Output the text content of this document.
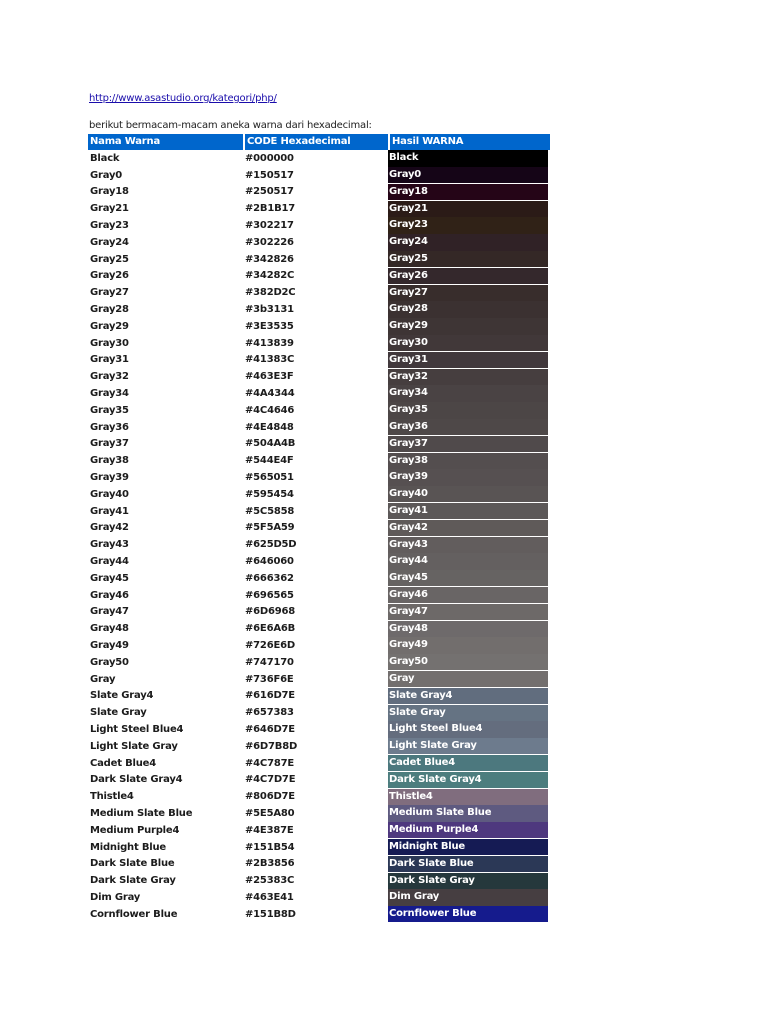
http://www.asastudio.org/kategori/php/
berikut bermacam-macam aneka warna dari hexadecimal:
Nama Warna	CODE Hexadecimal	Hasil WARNA
Black	#000000	Black
Gray0	#150517	Gray0
Gray18	#250517	Gray18
Gray21	#2B1B17	Gray21
Gray23	#302217	Gray23
Gray24	#302226	Gray24
Gray25	#342826	Gray25
Gray26	#34282C	Gray26
Gray27	#382D2C	Gray27
Gray28	#3b3131	Gray28
Gray29	#3E3535	Gray29
Gray30	#413839	Gray30
Gray31	#41383C	Gray31
Gray32	#463E3F	Gray32
Gray34	#4A4344	Gray34
Gray35	#4C4646	Gray35
Gray36	#4E4848	Gray36
Gray37	#504A4B	Gray37
Gray38	#544E4F	Gray38
Gray39	#565051	Gray39
Gray40	#595454	Gray40
Gray41	#5C5858	Gray41
Gray42	#5F5A59	Gray42
Gray43	#625D5D	Gray43
Gray44	#646060	Gray44
Gray45	#666362	Gray45
Gray46	#696565	Gray46
Gray47	#6D6968	Gray47
Gray48	#6E6A6B	Gray48
Gray49	#726E6D	Gray49
Gray50	#747170	Gray50
Gray	#736F6E	Gray
Slate Gray4	#616D7E	Slate Gray4
Slate Gray	#657383	Slate Gray
Light Steel Blue4	#646D7E	Light Steel Blue4
Light Slate Gray	#6D7B8D	Light Slate Gray
Cadet Blue4	#4C787E	Cadet Blue4
Dark Slate Gray4	#4C7D7E	Dark Slate Gray4
Thistle4	#806D7E	Thistle4
Medium Slate Blue	#5E5A80	Medium Slate Blue
Medium Purple4	#4E387E	Medium Purple4
Midnight Blue	#151B54	Midnight Blue
Dark Slate Blue	#2B3856	Dark Slate Blue
Dark Slate Gray	#25383C	Dark Slate Gray
Dim Gray	#463E41	Dim Gray
Cornflower Blue	#151B8D	Cornflower Blue
